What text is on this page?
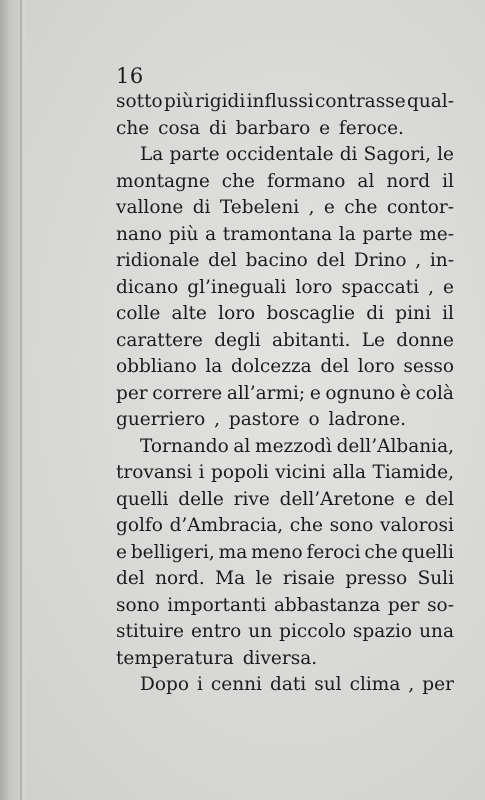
16
sotto più rigidi influssi contrasse qual-
che cosa di barbaro e feroce.
La parte occidentale di Sagori, le
montagne che formano al nord il
vallone di Tebeleni , e che contor-
nano più a tramontana la parte me-
ridionale del bacino del Drino , in-
dicano gl’ineguali loro spaccati , e
colle alte loro boscaglie di pini il
carattere degli abitanti. Le donne
obbliano la dolcezza del loro sesso
per correre all’armi; e ognuno è colà
guerriero , pastore o ladrone.
Tornando al mezzodì dell’Albania,
trovansi i popoli vicini alla Tiamide,
quelli delle rive dell’Aretone e del
golfo d’Ambracia, che sono valorosi
e belligeri, ma meno feroci che quelli
del nord. Ma le risaie presso Suli
sono importanti abbastanza per so-
stituire entro un piccolo spazio una
temperatura diversa.
Dopo i cenni dati sul clima , per
